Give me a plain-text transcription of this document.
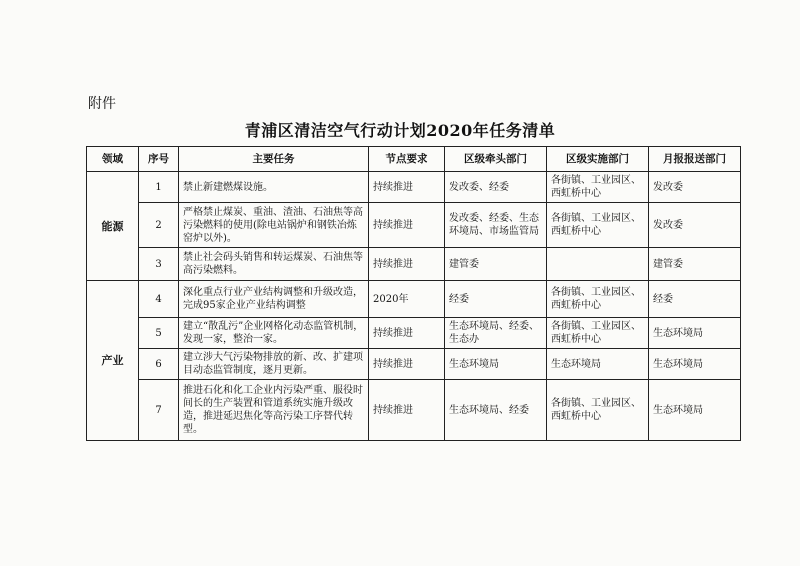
附件
青浦区清洁空气行动计划2020年任务清单
领域	序号	主要任务	节点要求	区级牵头部门	区级实施部门	月报报送部门
能源	1	禁止新建燃煤设施。	持续推进	发改委、经委	各街镇、工业园区、西虹桥中心	发改委
	2	严格禁止煤炭、重油、渣油、石油焦等高污染燃料的使用(除电站锅炉和钢铁冶炼窑炉以外)。	持续推进	发改委、经委、生态环境局、市场监管局	各街镇、工业园区、西虹桥中心	发改委
	3	禁止社会码头销售和转运煤炭、石油焦等高污染燃料。	持续推进	建管委		建管委
产业	4	深化重点行业产业结构调整和升级改造，完成95家企业产业结构调整	2020年	经委	各街镇、工业园区、西虹桥中心	经委
	5	建立“散乱污”企业网格化动态监管机制，发现一家，整治一家。	持续推进	生态环境局、经委、生态办	各街镇、工业园区、西虹桥中心	生态环境局
	6	建立涉大气污染物排放的新、改、扩建项目动态监管制度，逐月更新。	持续推进	生态环境局	生态环境局	生态环境局
	7	推进石化和化工企业内污染严重、服役时间长的生产装置和管道系统实施升级改造，推进延迟焦化等高污染工序替代转型。	持续推进	生态环境局、经委	各街镇、工业园区、西虹桥中心	生态环境局
